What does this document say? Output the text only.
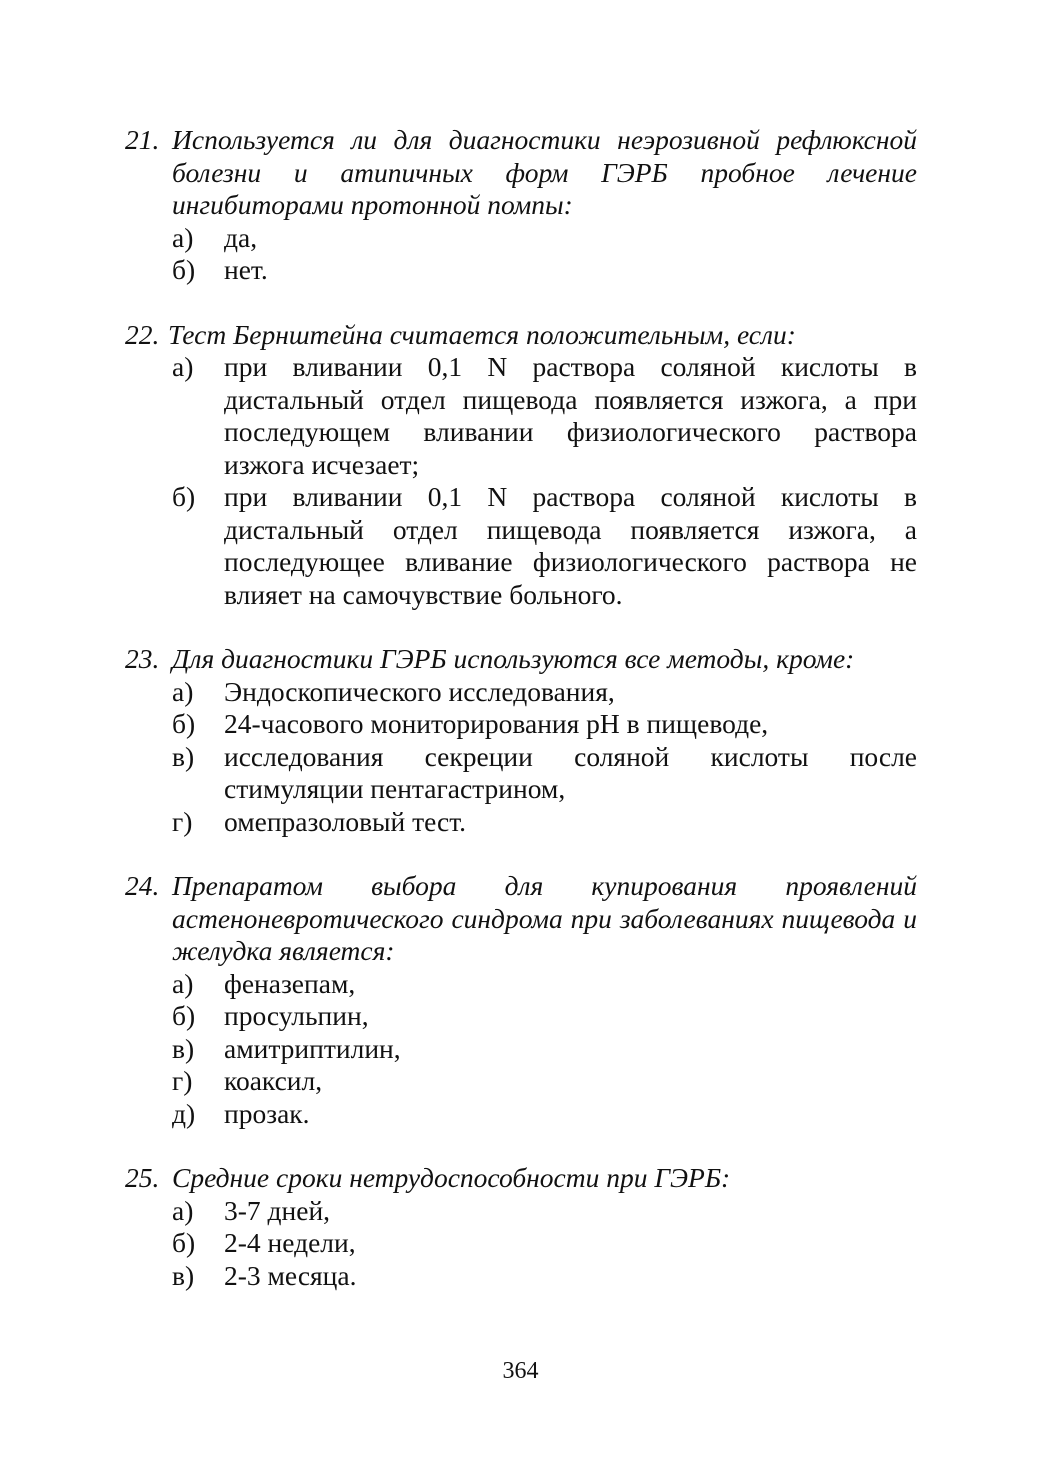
21. Используется ли для диагностики неэрозивной рефлюксной болезни и атипичных форм ГЭРБ пробное лечение ингибиторами протонной помпы:
а)	да,
б)	нет.
22. Тест Бернштейна считается положительным, если:
а)	при вливании 0,1 N раствора соляной кислоты в дистальный отдел пищевода появляется изжога, а при последующем вливании физиологического раствора изжога исчезает;
б)	при вливании 0,1 N раствора соляной кислоты в дистальный отдел пищевода появляется изжога, а последующее вливание физиологического раствора не влияет на самочувствие больного.
23. Для диагностики ГЭРБ используются все методы, кроме:
а)	Эндоскопического исследования,
б)	24-часового мониторирования pH в пищеводе,
в)	исследования секреции соляной кислоты после стимуляции пентагастрином,
г)	омепразоловый тест.
24. Препаратом выбора для купирования проявлений астеноневротического синдрома при заболеваниях пищевода и желудка является:
а)	феназепам,
б)	просульпин,
в)	амитриптилин,
г)	коаксил,
д)	прозак.
25. Средние сроки нетрудоспособности при ГЭРБ:
а)	3-7 дней,
б)	2-4 недели,
в)	2-3 месяца.
364
